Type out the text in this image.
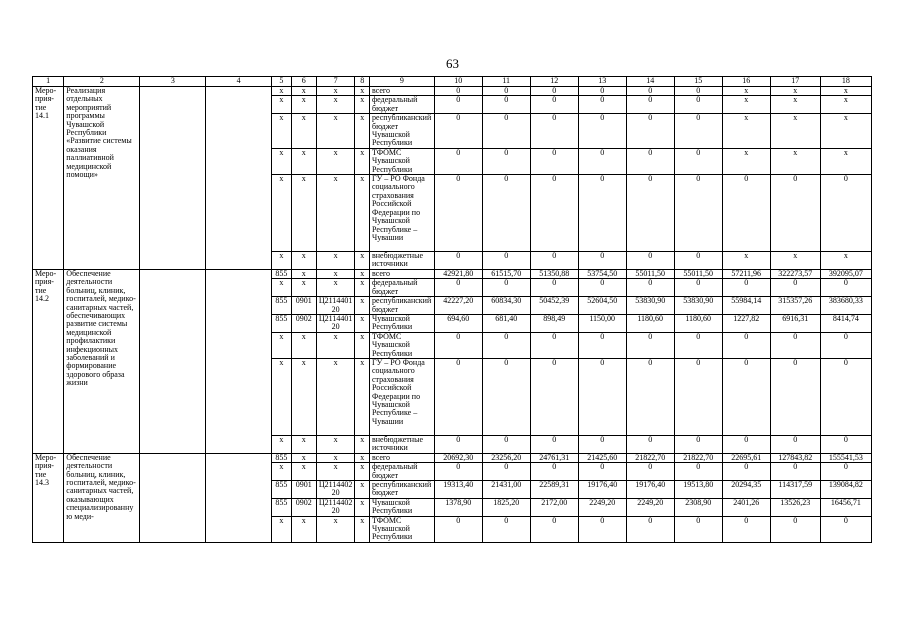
63
1	2	3	4	5	6	7	8	9	10	11	12	13	14	15	16	17	18
Меро-прия-тие 14.1	Реализация отдельных мероприятий программы Чувашской Республики «Развитие системы оказания паллиативной медицинской помощи»			x	x	x	x	всего	0	0	0	0	0	0	x	x	x
				x	x	x	x	федеральный бюджет	0	0	0	0	0	0	x	x	x
				x	x	x	x	республиканский бюджет Чувашской Республики	0	0	0	0	0	0	x	x	x
				x	x	x	x	ТФОМС Чувашской Республики	0	0	0	0	0	0	x	x	x
				x	x	x	x	ГУ – РО Фонда социального страхования Российской Федерации по Чувашской Республике – Чувашии	0	0	0	0	0	0	0	0	0
				x	x	x	x	внебюджетные источники	0	0	0	0	0	0	x	x	x
Меро-прия-тие 14.2	Обеспечение деятельности больниц, клиник, госпиталей, медико-санитарных частей, обеспечивающих развитие системы медицинской профилактики инфекционных заболеваний и формирование здорового образа жизни			855	x	x	x	всего	42921,80	61515,70	51350,88	53754,50	55011,50	55011,50	57211,96	322273,57	392095,07
				x	x	x	x	федеральный бюджет	0	0	0	0	0	0	0	0	0
				855	0901	Ц2114401 20	x	республиканский бюджет	42227,20	60834,30	50452,39	52604,50	53830,90	53830,90	55984,14	315357,26	383680,33
				855	0902	Ц2114401 20	x	Чувашской Республики	694,60	681,40	898,49	1150,00	1180,60	1180,60	1227,82	6916,31	8414,74
				x	x	x	x	ТФОМС Чувашской Республики	0	0	0	0	0	0	0	0	0
				x	x	x	x	ГУ – РО Фонда социального страхования Российской Федерации по Чувашской Республике – Чувашии	0	0	0	0	0	0	0	0	0
				x	x	x	x	внебюджетные источники	0	0	0	0	0	0	0	0	0
Меро-прия-тие 14.3	Обеспечение деятельности больниц, клиник, госпиталей, медико-санитарных частей, оказывающих специализированную меди-			855	x	x	x	всего	20692,30	23256,20	24761,31	21425,60	21822,70	21822,70	22695,61	127843,82	155541,53
				x	x	x	x	федеральный бюджет	0	0	0	0	0	0	0	0	0
				855	0901	Ц2114402 20	x	республиканский бюджет	19313,40	21431,00	22589,31	19176,40	19176,40	19513,80	20294,35	114317,59	139084,82
				855	0902	Ц2114402 20	x	Чувашской Республики	1378,90	1825,20	2172,00	2249,20	2249,20	2308,90	2401,26	13526,23	16456,71
				x	x	x	x	ТФОМС Чувашской Республики	0	0	0	0	0	0	0	0	0
